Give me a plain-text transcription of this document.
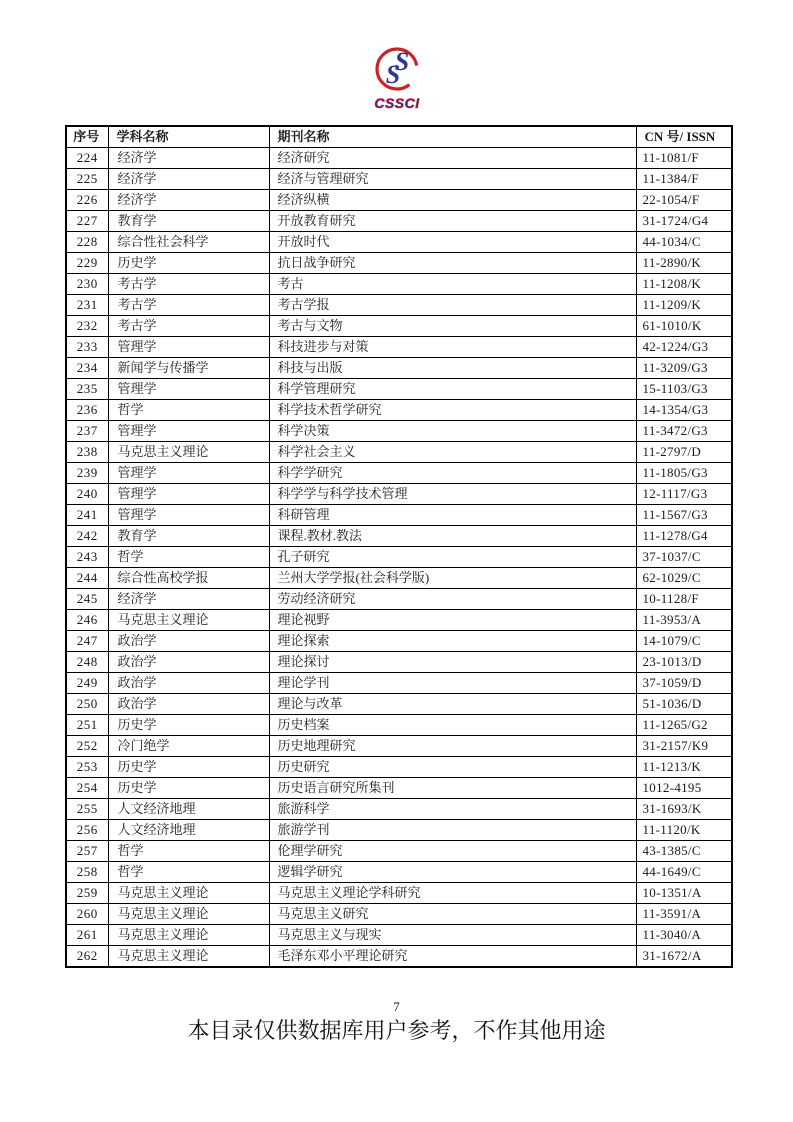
S
S
CSSCI
序号	学科名称	期刊名称	CN 号/ ISSN
224	经济学	经济研究	11-1081/F
225	经济学	经济与管理研究	11-1384/F
226	经济学	经济纵横	22-1054/F
227	教育学	开放教育研究	31-1724/G4
228	综合性社会科学	开放时代	44-1034/C
229	历史学	抗日战争研究	11-2890/K
230	考古学	考古	11-1208/K
231	考古学	考古学报	11-1209/K
232	考古学	考古与文物	61-1010/K
233	管理学	科技进步与对策	42-1224/G3
234	新闻学与传播学	科技与出版	11-3209/G3
235	管理学	科学管理研究	15-1103/G3
236	哲学	科学技术哲学研究	14-1354/G3
237	管理学	科学决策	11-3472/G3
238	马克思主义理论	科学社会主义	11-2797/D
239	管理学	科学学研究	11-1805/G3
240	管理学	科学学与科学技术管理	12-1117/G3
241	管理学	科研管理	11-1567/G3
242	教育学	课程.教材.教法	11-1278/G4
243	哲学	孔子研究	37-1037/C
244	综合性高校学报	兰州大学学报(社会科学版)	62-1029/C
245	经济学	劳动经济研究	10-1128/F
246	马克思主义理论	理论视野	11-3953/A
247	政治学	理论探索	14-1079/C
248	政治学	理论探讨	23-1013/D
249	政治学	理论学刊	37-1059/D
250	政治学	理论与改革	51-1036/D
251	历史学	历史档案	11-1265/G2
252	冷门绝学	历史地理研究	31-2157/K9
253	历史学	历史研究	11-1213/K
254	历史学	历史语言研究所集刊	1012-4195
255	人文经济地理	旅游科学	31-1693/K
256	人文经济地理	旅游学刊	11-1120/K
257	哲学	伦理学研究	43-1385/C
258	哲学	逻辑学研究	44-1649/C
259	马克思主义理论	马克思主义理论学科研究	10-1351/A
260	马克思主义理论	马克思主义研究	11-3591/A
261	马克思主义理论	马克思主义与现实	11-3040/A
262	马克思主义理论	毛泽东邓小平理论研究	31-1672/A
7
本目录仅供数据库用户参考，不作其他用途
